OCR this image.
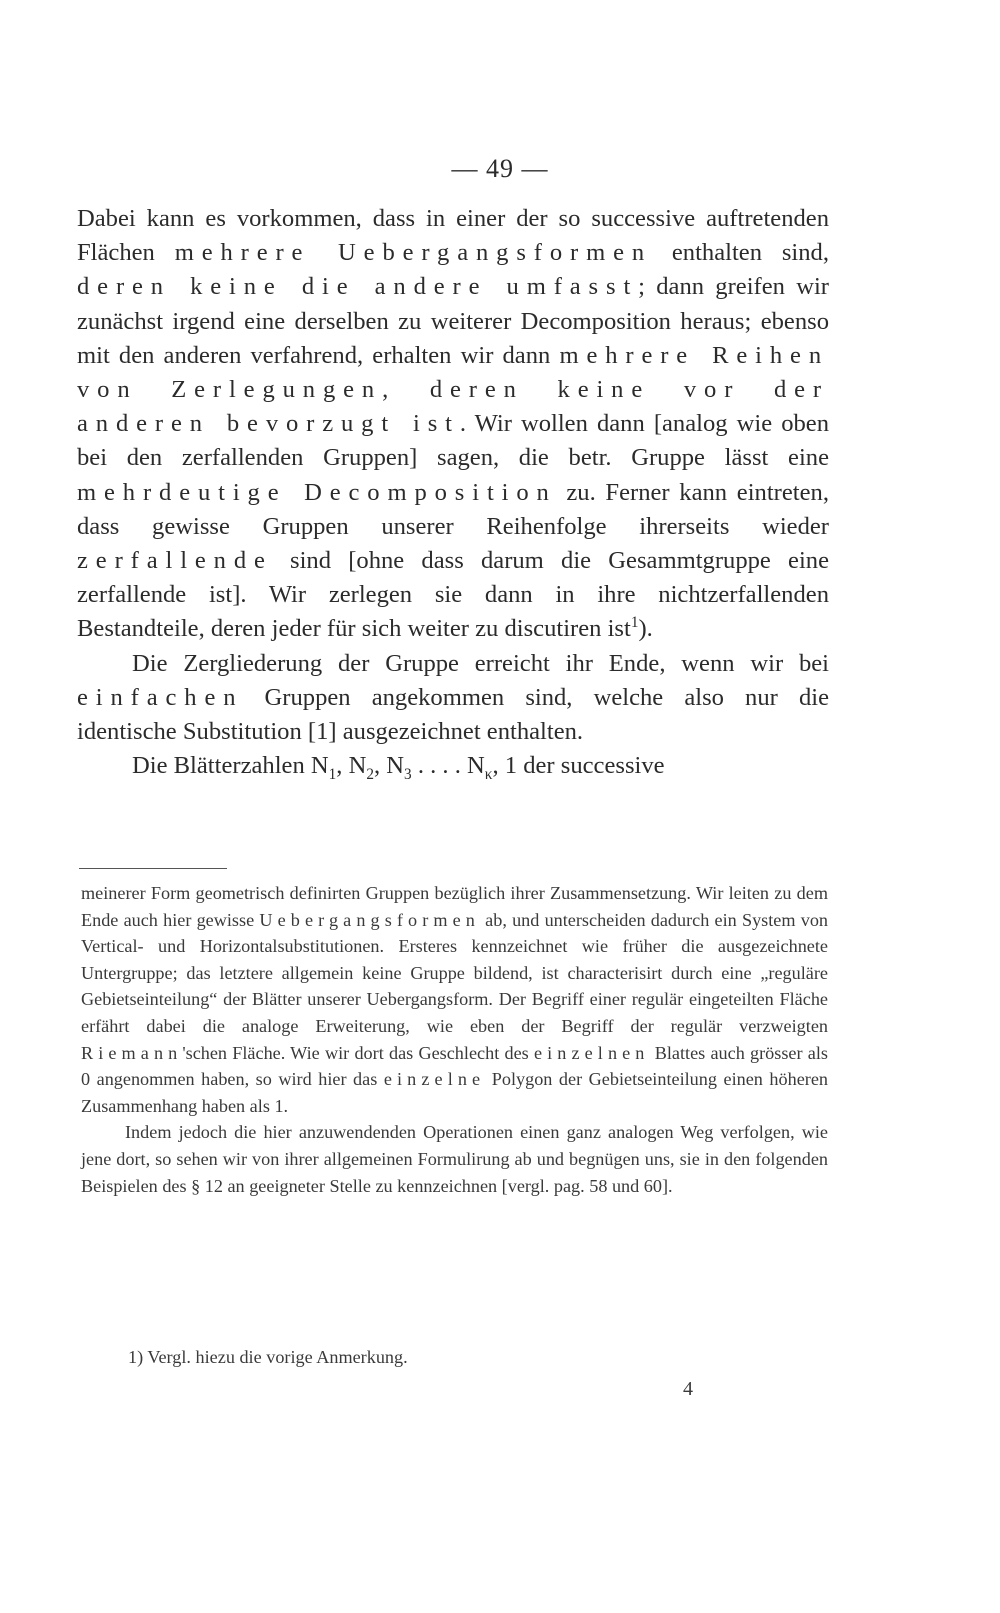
— 49 —

Dabei kann es vorkommen, dass in einer der so successive auftretenden Flächen mehrere Uebergangsformen enthalten sind, deren keine die andere umfasst; dann greifen wir zunächst irgend eine derselben zu weiterer Decomposition heraus; ebenso mit den anderen verfahrend, erhalten wir dann mehrere Reihen von Zerlegungen, deren keine vor der anderen bevorzugt ist. Wir wollen dann [analog wie oben bei den zerfallenden Gruppen] sagen, die betr. Gruppe lässt eine mehrdeutige Decomposition zu. Ferner kann eintreten, dass gewisse Gruppen unserer Reihenfolge ihrerseits wieder zerfallende sind [ohne dass darum die Gesammtgruppe eine zerfallende ist]. Wir zerlegen sie dann in ihre nichtzerfallenden Bestandteile, deren jeder für sich weiter zu discutiren ist$^1$).

Die Zergliederung der Gruppe erreicht ihr Ende, wenn wir bei einfachen Gruppen angekommen sind, welche also nur die identische Substitution [1] ausgezeichnet enthalten.

Die Blätterzahlen $N_1$, $N_2$, $N_3$ . . . . $N_\kappa$, 1 der successive

meinerer Form geometrisch definirten Gruppen bezüglich ihrer Zusammensetzung. Wir leiten zu dem Ende auch hier gewisse Uebergangsformen ab, und unterscheiden dadurch ein System von Vertical- und Horizontalsubstitutionen. Ersteres kennzeichnet wie früher die ausgezeichnete Untergruppe; das letztere allgemein keine Gruppe bildend, ist characterisirt durch eine „reguläre Gebietseinteilung“ der Blätter unserer Uebergangsform. Der Begriff einer regulär eingeteilten Fläche erfährt dabei die analoge Erweiterung, wie eben der Begriff der regulär verzweigten Riemann'schen Fläche. Wie wir dort das Geschlecht des einzelnen Blattes auch grösser als 0 angenommen haben, so wird hier das einzelne Polygon der Gebietseinteilung einen höheren Zusammenhang haben als 1.

Indem jedoch die hier anzuwendenden Operationen einen ganz analogen Weg verfolgen, wie jene dort, so sehen wir von ihrer allgemeinen Formulirung ab und begnügen uns, sie in den folgenden Beispielen des § 12 an geeigneter Stelle zu kennzeichnen [vergl. pag. 58 und 60].

1) Vergl. hiezu die vorige Anmerkung.
4
